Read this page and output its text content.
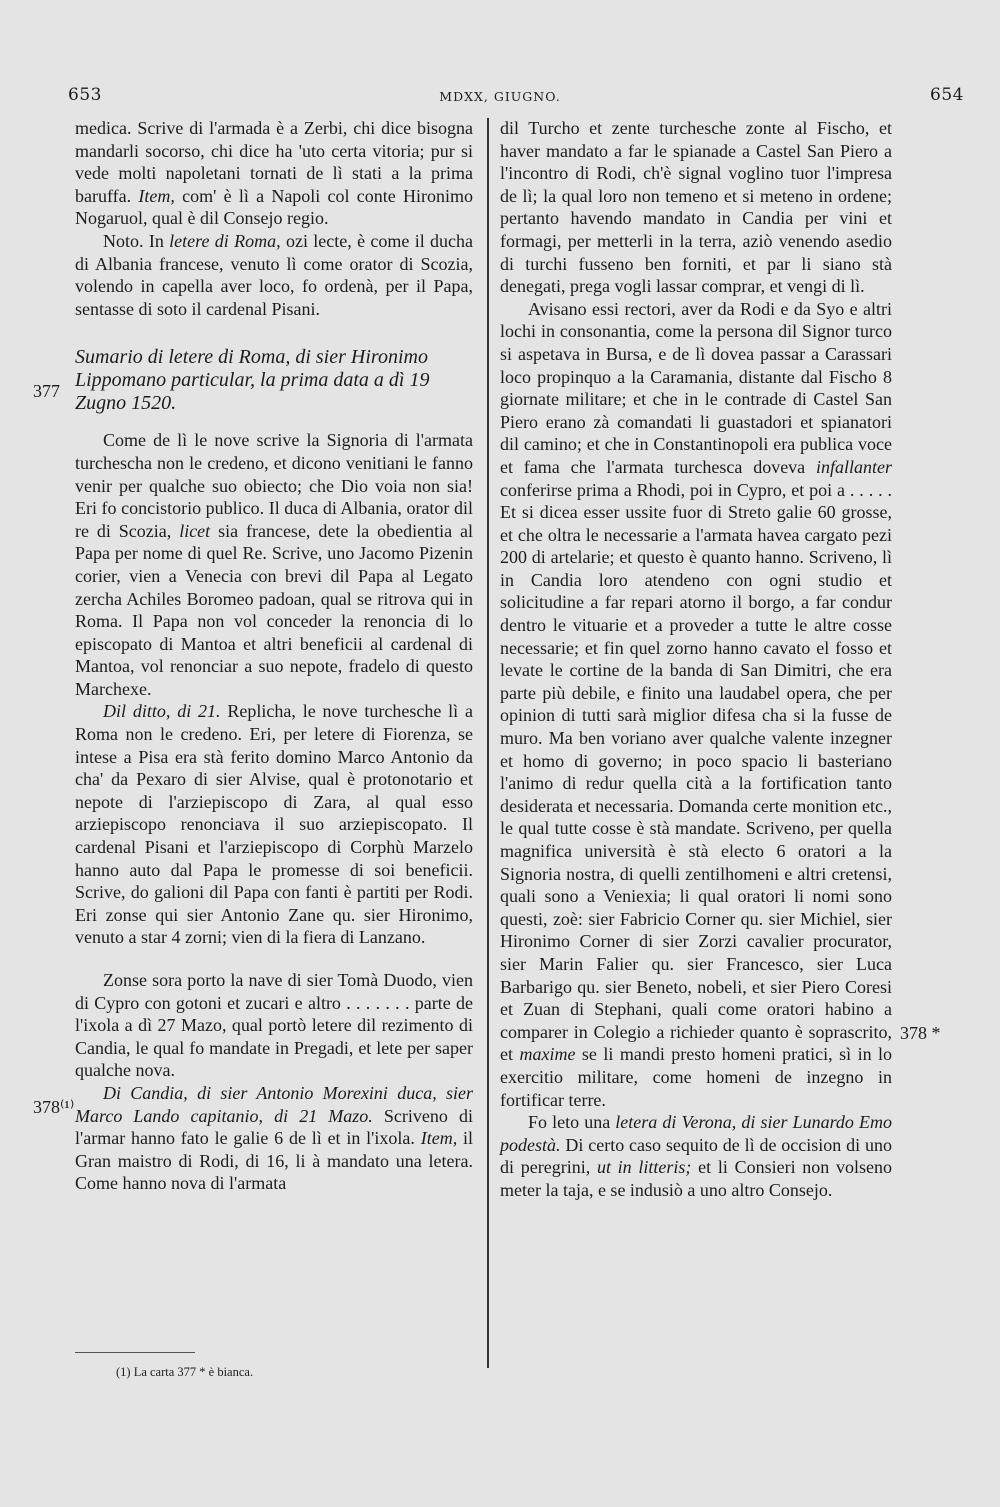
653	MDXX, GIUGNO.	654
377
378⁽¹⁾
378 *

medica. Scrive di l'armada è a Zerbi, chi dice bisogna mandarli socorso, chi dice ha 'uto certa vitoria; pur si vede molti napoletani tornati de lì stati a la prima baruffa. Item, com' è lì a Napoli col conte Hironimo Nogaruol, qual è dil Consejo regio.

Noto. In letere di Roma, ozi lecte, è come il ducha di Albania francese, venuto lì come orator di Scozia, volendo in capella aver loco, fo ordenà, per il Papa, sentasse di soto il cardenal Pisani.

Sumario di letere di Roma, di sier Hironimo Lippomano particular, la prima data a dì 19 Zugno 1520.

Come de lì le nove scrive la Signoria di l'armata turchescha non le credeno, et dicono venitiani le fanno venir per qualche suo obiecto; che Dio voia non sia! Eri fo concistorio publico. Il duca di Albania, orator dil re di Scozia, licet sia francese, dete la obedientia al Papa per nome di quel Re. Scrive, uno Jacomo Pizenin corier, vien a Venecia con brevi dil Papa al Legato zercha Achiles Boromeo padoan, qual se ritrova qui in Roma. Il Papa non vol conceder la renoncia di lo episcopato di Mantoa et altri beneficii al cardenal di Mantoa, vol renonciar a suo nepote, fradelo di questo Marchexe.

Dil ditto, di 21. Replicha, le nove turchesche lì a Roma non le credeno. Eri, per letere di Fiorenza, se intese a Pisa era stà ferito domino Marco Antonio da cha' da Pexaro di sier Alvise, qual è protonotario et nepote di l'arziepiscopo di Zara, al qual esso arziepiscopo renonciava il suo arziepiscopato. Il cardenal Pisani et l'arziepiscopo di Corphù Marzelo hanno auto dal Papa le promesse di soi beneficii. Scrive, do galioni dil Papa con fanti è partiti per Rodi. Eri zonse qui sier Antonio Zane qu. sier Hironimo, venuto a star 4 zorni; vien di la fiera di Lanzano.

Zonse sora porto la nave di sier Tomà Duodo, vien di Cypro con gotoni et zucari e altro . . . . . . . parte de l'ixola a dì 27 Mazo, qual portò letere dil rezimento di Candia, le qual fo mandate in Pregadi, et lete per saper qualche nova.

Di Candia, di sier Antonio Morexini duca, sier Marco Lando capitanio, di 21 Mazo. Scriveno di l'armar hanno fato le galie 6 de lì et in l'ixola. Item, il Gran maistro di Rodi, di 16, li à mandato una letera. Come hanno nova di l'armata

dil Turcho et zente turchesche zonte al Fischo, et haver mandato a far le spianade a Castel San Piero a l'incontro di Rodi, ch'è signal voglino tuor l'impresa de lì; la qual loro non temeno et si meteno in ordene; pertanto havendo mandato in Candia per vini et formagi, per metterli in la terra, aziò venendo asedio di turchi fusseno ben forniti, et par li siano stà denegati, prega vogli lassar comprar, et vengi di lì.

Avisano essi rectori, aver da Rodi e da Syo e altri lochi in consonantia, come la persona dil Signor turco si aspetava in Bursa, e de lì dovea passar a Carassari loco propinquo a la Caramania, distante dal Fischo 8 giornate militare; et che in le contrade di Castel San Piero erano zà comandati li guastadori et spianatori dil camino; et che in Constantinopoli era publica voce et fama che l'armata turchesca doveva infallanter conferirse prima a Rhodi, poi in Cypro, et poi a . . . . . Et si dicea esser ussite fuor di Streto galie 60 grosse, et che oltra le necessarie a l'armata havea cargato pezi 200 di artelarie; et questo è quanto hanno. Scriveno, lì in Candia loro atendeno con ogni studio et solicitudine a far repari atorno il borgo, a far condur dentro le vituarie et a proveder a tutte le altre cosse necessarie; et fin quel zorno hanno cavato el fosso et levate le cortine de la banda di San Dimitri, che era parte più debile, e finito una laudabel opera, che per opinion di tutti sarà miglior difesa cha si la fusse de muro. Ma ben voriano aver qualche valente inzegner et homo di governo; in poco spacio li basteriano l'animo di redur quella cità a la fortification tanto desiderata et necessaria. Domanda certe monition etc., le qual tutte cosse è stà mandate. Scriveno, per quella magnifica università è stà electo 6 oratori a la Signoria nostra, di quelli zentilhomeni e altri cretensi, quali sono a Veniexia; li qual oratori li nomi sono questi, zoè: sier Fabricio Corner qu. sier Michiel, sier Hironimo Corner di sier Zorzi cavalier procurator, sier Marin Falier qu. sier Francesco, sier Luca Barbarigo qu. sier Beneto, nobeli, et sier Piero Coresi et Zuan di Stephani, quali come oratori habino a comparer in Colegio a richieder quanto è soprascrito, et maxime se li mandi presto homeni pratici, sì in lo exercitio militare, come homeni de inzegno in fortificar terre.

Fo leto una letera di Verona, di sier Lunardo Emo podestà. Di certo caso sequito de lì de occision di uno di peregrini, ut in litteris; et li Consieri non volseno meter la taja, e se indusiò a uno altro Consejo.

(1) La carta 377 * è bianca.
